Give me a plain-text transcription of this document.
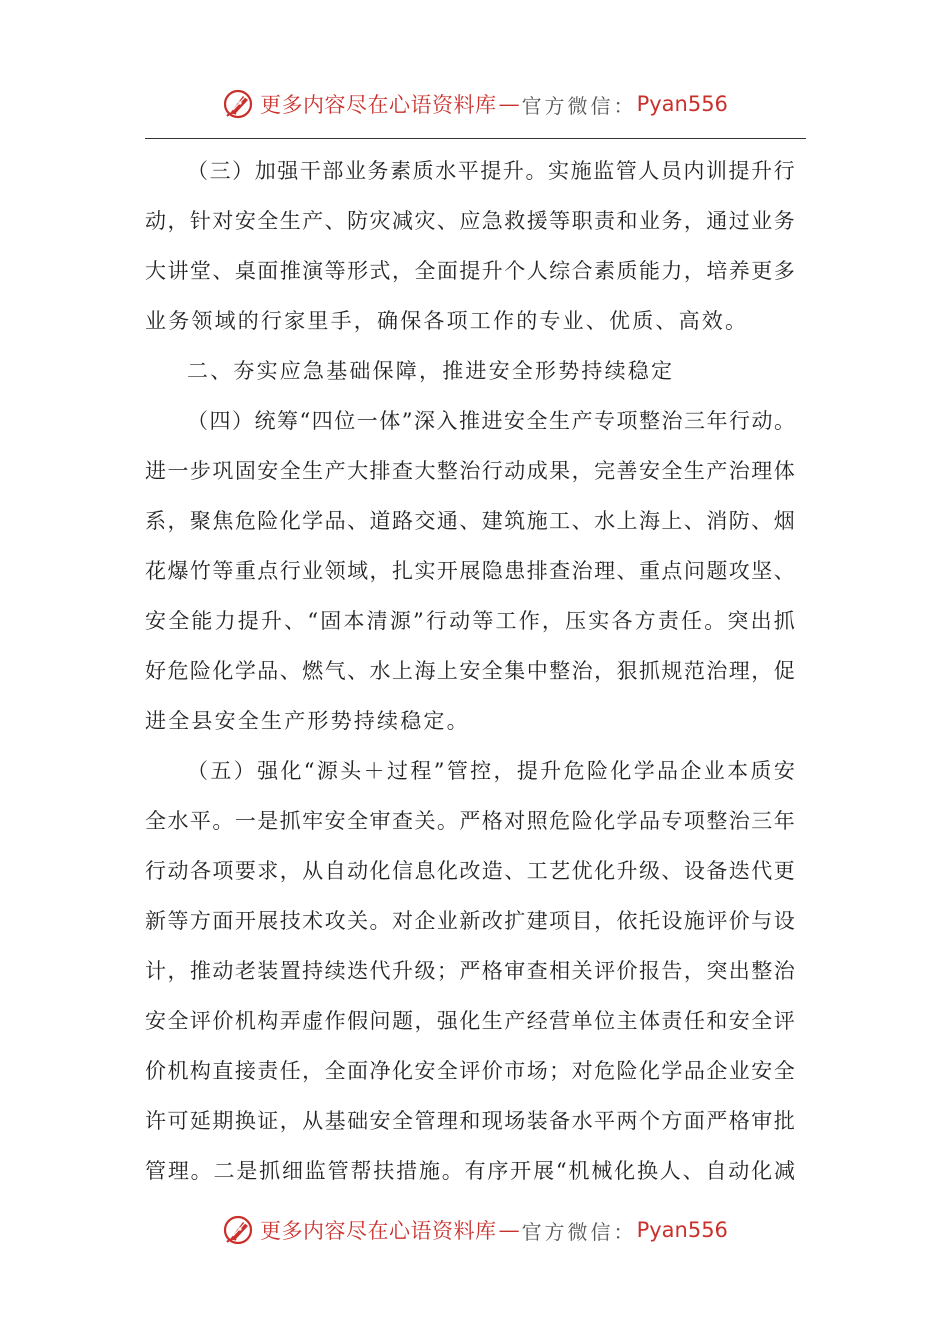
更多内容尽在心语资料库 — 官方微信： Pyan556
（ 三 ） 加 强 干 部 业 务 素 质 水 平 提 升 。 实 施 监 管 人 员 内 训 提 升 行
动 ， 针 对 安 全 生 产 、 防 灾 减 灾 、 应 急 救 援 等 职 责 和 业 务 ， 通 过 业 务
大 讲 堂 、 桌 面 推 演 等 形 式 ， 全 面 提 升 个 人 综 合 素 质 能 力 ， 培 养 更 多
业务领域的行家里手，确保各项工作的专业、优质、高效。
二、夯实应急基础保障，推进安全形势持续稳定
（ 四 ） 统 筹 “ 四 位 一 体 ” 深 入 推 进 安 全 生 产 专 项 整 治 三 年 行 动 。
进 一 步 巩 固 安 全 生 产 大 排 查 大 整 治 行 动 成 果 ， 完 善 安 全 生 产 治 理 体
系 ， 聚 焦 危 险 化 学 品 、 道 路 交 通 、 建 筑 施 工 、 水 上 海 上 、 消 防 、 烟
花 爆 竹 等 重 点 行 业 领 域 ， 扎 实 开 展 隐 患 排 查 治 理 、 重 点 问 题 攻 坚 、
安 全 能 力 提 升 、 “ 固 本 清 源 ” 行 动 等 工 作 ， 压 实 各 方 责 任 。 突 出 抓
好 危 险 化 学 品 、 燃 气 、 水 上 海 上 安 全 集 中 整 治 ， 狠 抓 规 范 治 理 ， 促
进全县安全生产形势持续稳定。
（ 五 ） 强 化 “ 源 头 ＋ 过 程 ” 管 控 ， 提 升 危 险 化 学 品 企 业 本 质 安
全 水 平 。 一 是 抓 牢 安 全 审 查 关 。 严 格 对 照 危 险 化 学 品 专 项 整 治 三 年
行 动 各 项 要 求 ， 从 自 动 化 信 息 化 改 造 、 工 艺 优 化 升 级 、 设 备 迭 代 更
新 等 方 面 开 展 技 术 攻 关 。 对 企 业 新 改 扩 建 项 目 ， 依 托 设 施 评 价 与 设
计 ， 推 动 老 装 置 持 续 迭 代 升 级 ； 严 格 审 查 相 关 评 价 报 告 ， 突 出 整 治
安 全 评 价 机 构 弄 虚 作 假 问 题 ， 强 化 生 产 经 营 单 位 主 体 责 任 和 安 全 评
价 机 构 直 接 责 任 ， 全 面 净 化 安 全 评 价 市 场 ； 对 危 险 化 学 品 企 业 安 全
许 可 延 期 换 证 ， 从 基 础 安 全 管 理 和 现 场 装 备 水 平 两 个 方 面 严 格 审 批
管 理 。 二 是 抓 细 监 管 帮 扶 措 施 。 有 序 开 展 “ 机 械 化 换 人 、 自 动 化 减
更多内容尽在心语资料库 — 官方微信： Pyan556
